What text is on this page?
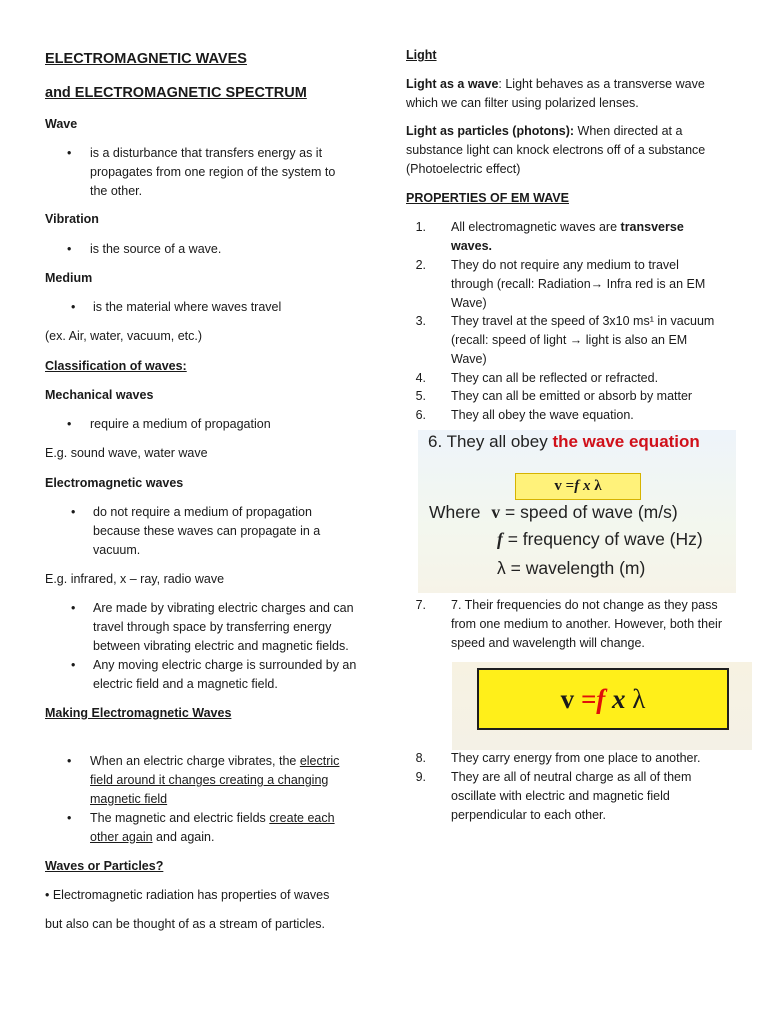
ELECTROMAGNETIC WAVES
and ELECTROMAGNETIC SPECTRUM
Wave
• is a disturbance that transfers energy as it propagates from one region of the system to the other.
Vibration
• is the source of a wave.
Medium
• is the material where waves travel
(ex. Air, water, vacuum, etc.)
Classification of waves:
Mechanical waves
• require a medium of propagation
E.g. sound wave, water wave
Electromagnetic waves
• do not require a medium of propagation because these waves can propagate in a vacuum.
E.g. infrared, x – ray, radio wave
• Are made by vibrating electric charges and can travel through space by transferring energy between vibrating electric and magnetic fields.
• Any moving electric charge is surrounded by an electric field and a magnetic field.
Making Electromagnetic Waves
• When an electric charge vibrates, the electric field around it changes creating a changing magnetic field
• The magnetic and electric fields create each other again and again.
Waves or Particles?
• Electromagnetic radiation has properties of waves
but also can be thought of as a stream of particles.
Light
Light as a wave: Light behaves as a transverse wave which we can filter using polarized lenses.
Light as particles (photons): When directed at a substance light can knock electrons off of a substance (Photoelectric effect)
PROPERTIES OF EM WAVE
1. All electromagnetic waves are transverse waves.
2. They do not require any medium to travel through (recall: Radiation→ Infra red is an EM Wave)
3. They travel at the speed of 3x10 ms¹ in vacuum (recall: speed of light → light is also an EM Wave)
4. They can all be reflected or refracted.
5. They can all be emitted or absorb by matter
6. They all obey the wave equation.
6. They all obey the wave equation
v =f x λ
Where v = speed of wave (m/s)
f = frequency of wave (Hz)
λ = wavelength (m)
7. 7. Their frequencies do not change as they pass from one medium to another. However, both their speed and wavelength will change.
v =f x λ
8. They carry energy from one place to another.
9. They are all of neutral charge as all of them oscillate with electric and magnetic field perpendicular to each other.
